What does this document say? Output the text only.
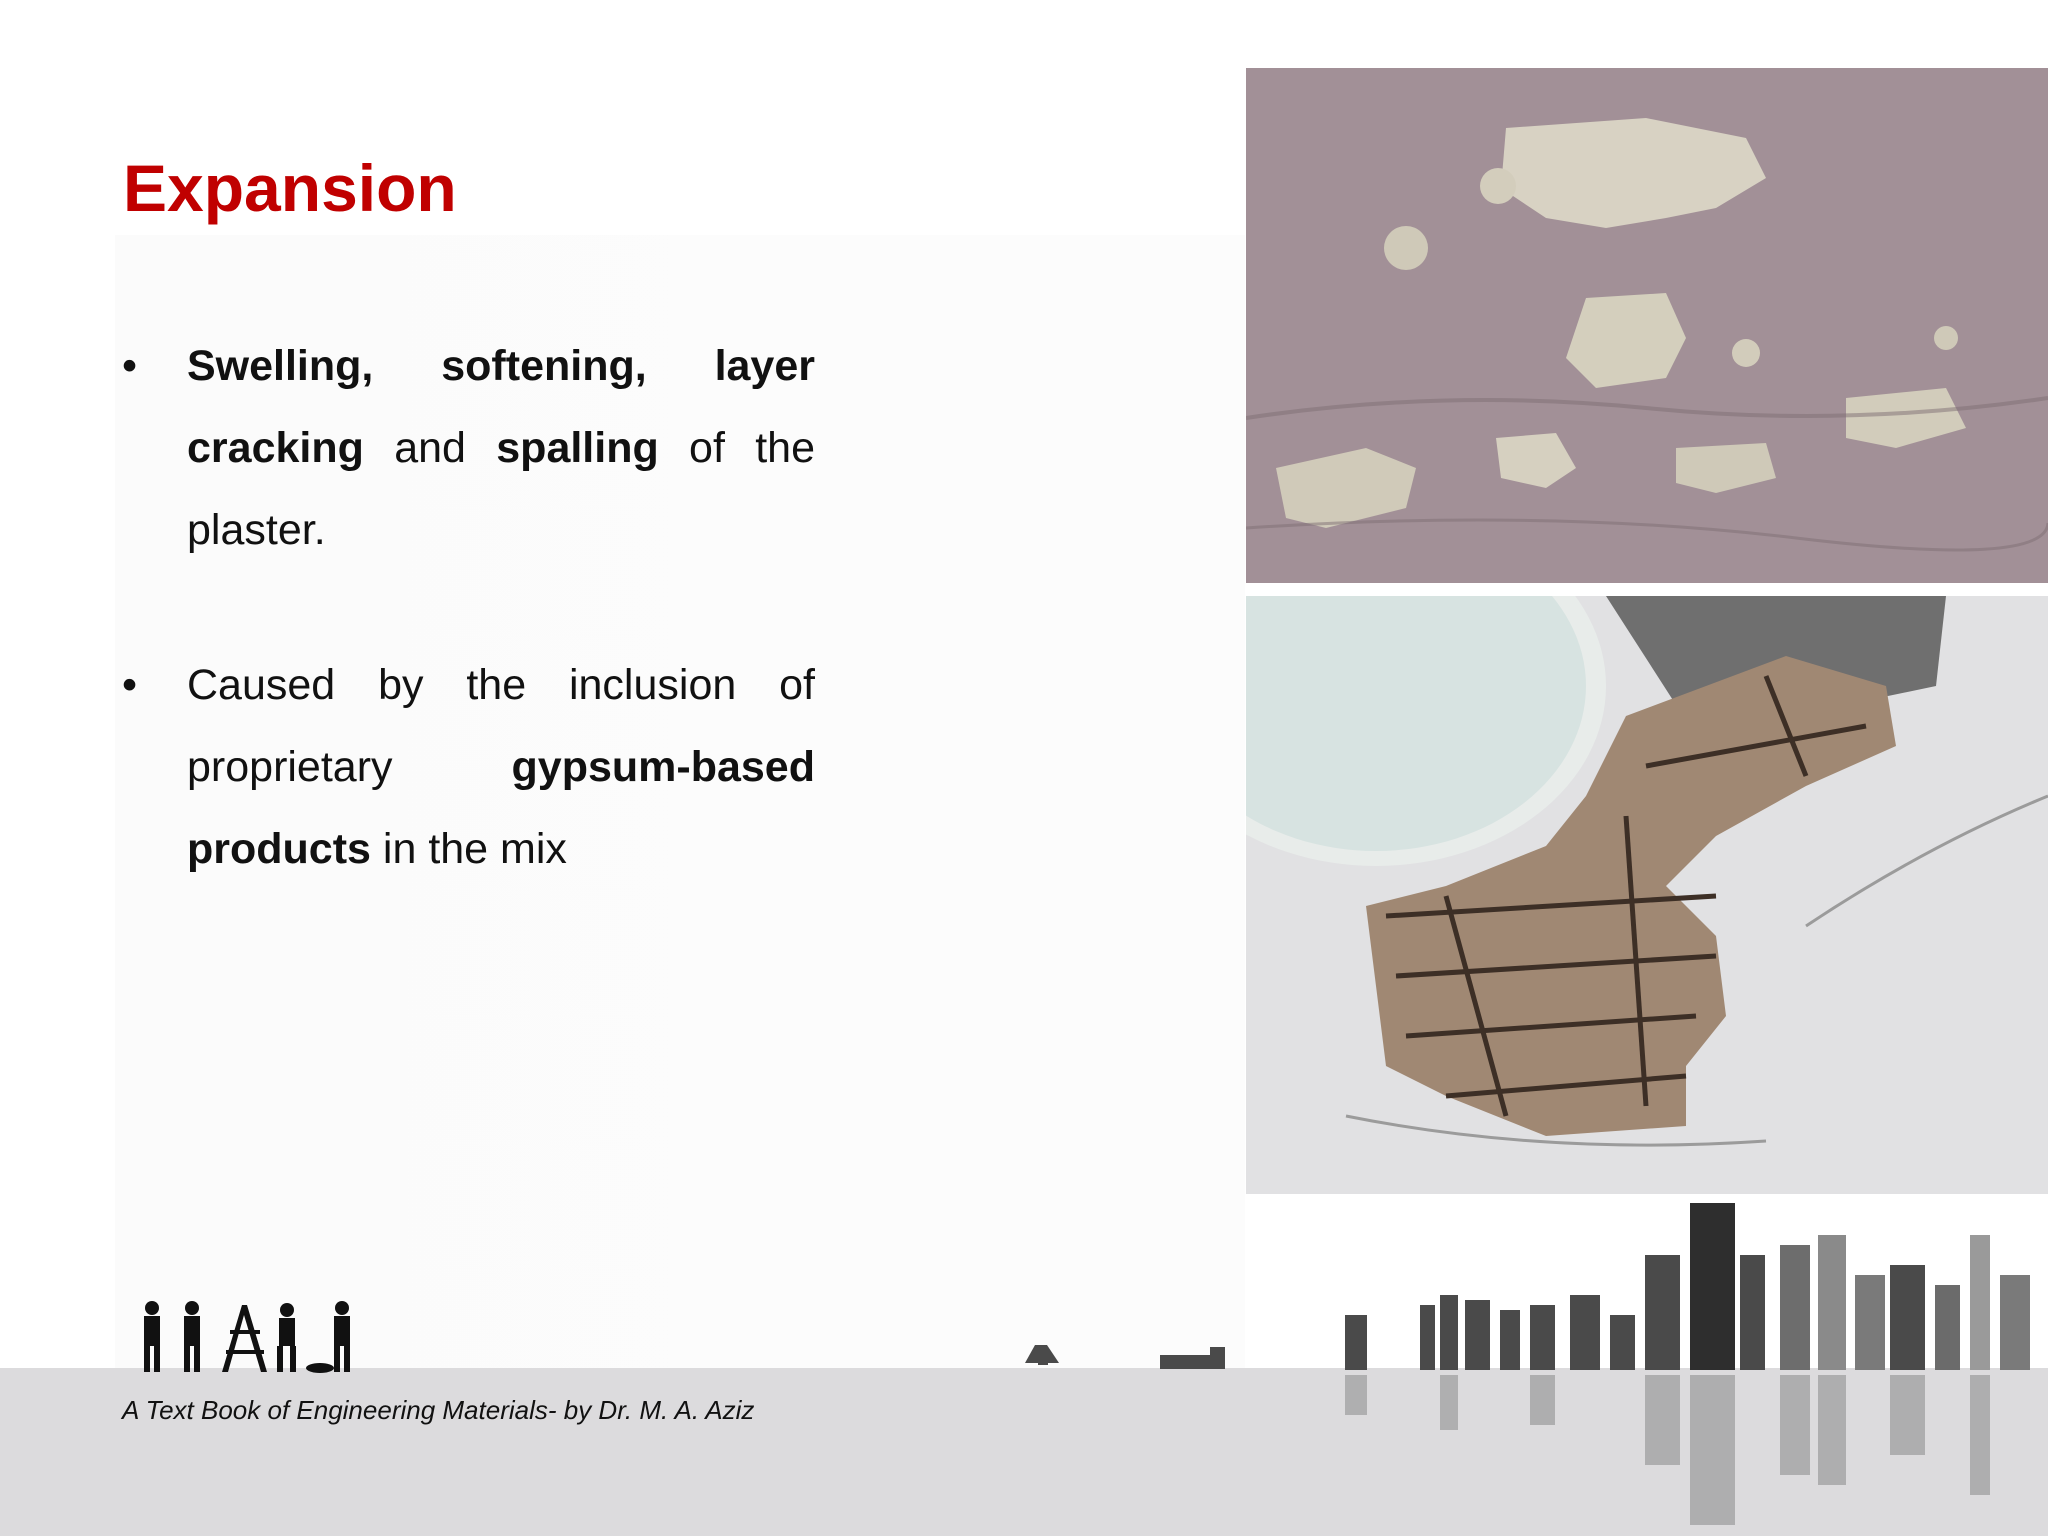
Expansion
•	Swelling, softening, layer cracking and spalling of the plaster.
•	Caused by the inclusion of proprietary gypsum-based products in the mix
A Text Book of Engineering Materials- by Dr. M. A. Aziz
